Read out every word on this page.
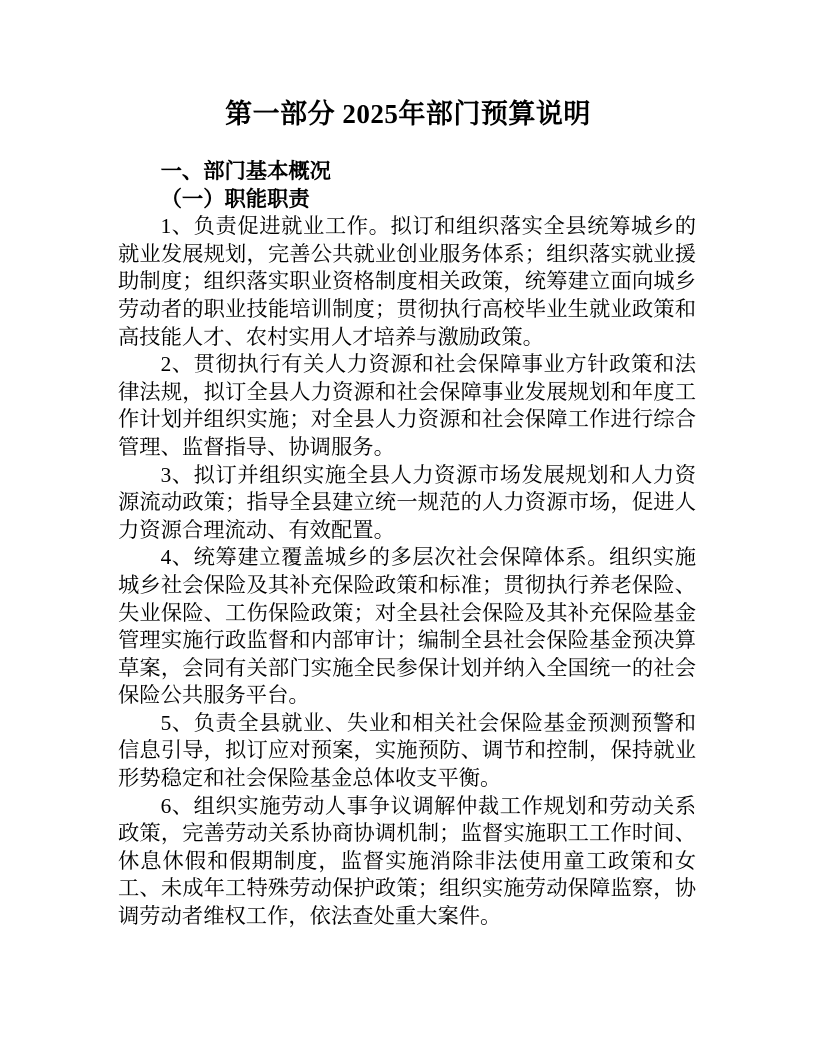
第一部分 2025年部门预算说明
一、部门基本概况
（一）职能职责

1、负责促进就业工作。拟订和组织落实全县统筹城乡的就业发展规划，完善公共就业创业服务体系；组织落实就业援助制度；组织落实职业资格制度相关政策，统筹建立面向城乡劳动者的职业技能培训制度；贯彻执行高校毕业生就业政策和高技能人才、农村实用人才培养与激励政策。

2、贯彻执行有关人力资源和社会保障事业方针政策和法律法规，拟订全县人力资源和社会保障事业发展规划和年度工作计划并组织实施；对全县人力资源和社会保障工作进行综合管理、监督指导、协调服务。

3、拟订并组织实施全县人力资源市场发展规划和人力资源流动政策；指导全县建立统一规范的人力资源市场，促进人力资源合理流动、有效配置。

4、统筹建立覆盖城乡的多层次社会保障体系。组织实施城乡社会保险及其补充保险政策和标准；贯彻执行养老保险、失业保险、工伤保险政策；对全县社会保险及其补充保险基金管理实施行政监督和内部审计；编制全县社会保险基金预决算草案，会同有关部门实施全民参保计划并纳入全国统一的社会保险公共服务平台。

5、负责全县就业、失业和相关社会保险基金预测预警和信息引导，拟订应对预案，实施预防、调节和控制，保持就业形势稳定和社会保险基金总体收支平衡。

6、组织实施劳动人事争议调解仲裁工作规划和劳动关系政策，完善劳动关系协商协调机制；监督实施职工工作时间、休息休假和假期制度，监督实施消除非法使用童工政策和女工、未成年工特殊劳动保护政策；组织实施劳动保障监察，协调劳动者维权工作，依法查处重大案件。
